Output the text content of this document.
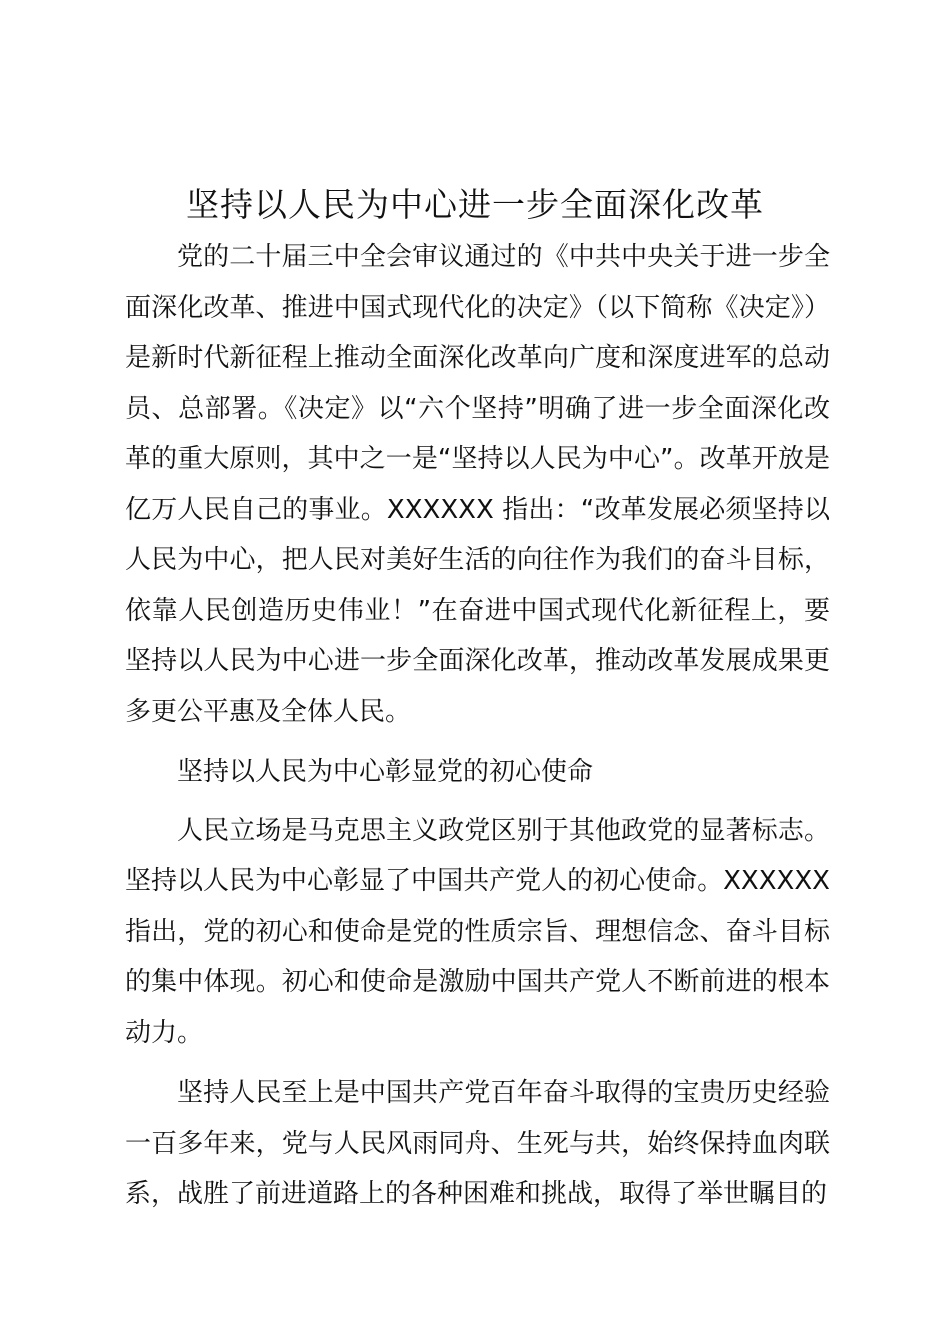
坚持以人民为中心进一步全面深化改革

党的二十届三中全会审议通过的《中共中央关于进一步全面深化改革、推进中国式现代化的决定》（以下简称《决定》）是新时代新征程上推动全面深化改革向广度和深度进军的总动员、总部署。《决定》以“六个坚持”明确了进一步全面深化改革的重大原则，其中之一是“坚持以人民为中心”。改革开放是亿万人民自己的事业。XXXXXX 指出：“改革发展必须坚持以人民为中心，把人民对美好生活的向往作为我们的奋斗目标，依靠人民创造历史伟业！”在奋进中国式现代化新征程上，要坚持以人民为中心进一步全面深化改革，推动改革发展成果更多更公平惠及全体人民。

坚持以人民为中心彰显党的初心使命

人民立场是马克思主义政党区别于其他政党的显著标志。坚持以人民为中心彰显了中国共产党人的初心使命。XXXXXX指出，党的初心和使命是党的性质宗旨、理想信念、奋斗目标的集中体现。初心和使命是激励中国共产党人不断前进的根本动力。

坚持人民至上是中国共产党百年奋斗取得的宝贵历史经验一百多年来，党与人民风雨同舟、生死与共，始终保持血肉联系，战胜了前进道路上的各种困难和挑战，取得了举世瞩目的
